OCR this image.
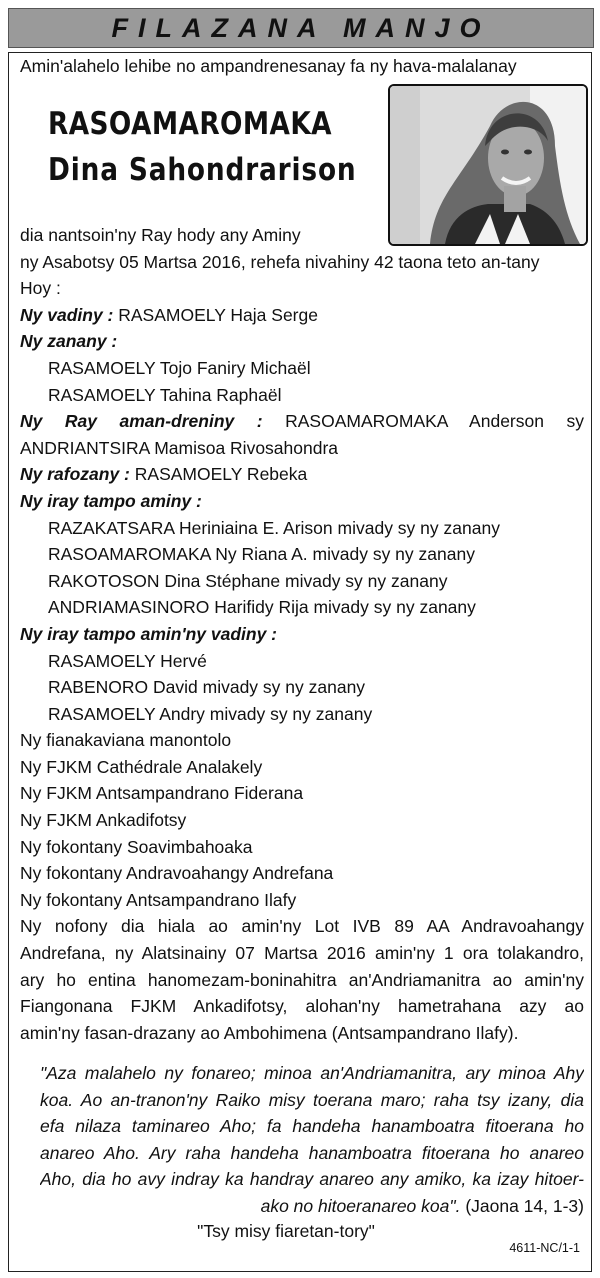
FILAZANA MANJO
Amin'alahelo lehibe no ampandrenesanay fa ny hava-malalanay
RASOAMAROMAKA
Dina Sahondrarison
dia nantsoin'ny Ray hody any Aminy
ny Asabotsy 05 Martsa 2016, rehefa nivahiny 42 taona teto an-tany
Hoy :
Ny vadiny : RASAMOELY Haja Serge
Ny zanany :
RASAMOELY Tojo Faniry Michaël
RASAMOELY Tahina Raphaël
Ny Ray aman-dreniny : RASOAMAROMAKA Anderson sy
ANDRIANTSIRA Mamisoa Rivosahondra
Ny rafozany : RASAMOELY Rebeka
Ny iray tampo aminy :
RAZAKATSARA Heriniaina E. Arison mivady sy ny zanany
RASOAMAROMAKA Ny Riana A. mivady sy ny zanany
RAKOTOSON Dina Stéphane mivady sy ny zanany
ANDRIAMASINORO Harifidy Rija mivady sy ny zanany
Ny iray tampo amin'ny vadiny :
RASAMOELY Hervé
RABENORO David mivady sy ny zanany
RASAMOELY Andry mivady sy ny zanany
Ny fianakaviana manontolo
Ny FJKM Cathédrale Analakely
Ny FJKM Antsampandrano Fiderana
Ny FJKM Ankadifotsy
Ny fokontany Soavimbahoaka
Ny fokontany Andravoahangy Andrefana
Ny fokontany Antsampandrano Ilafy
Ny nofony dia hiala ao amin'ny Lot IVB 89 AA Andravoahangy
Andrefana, ny Alatsinainy 07 Martsa 2016 amin'ny 1 ora tolakandro,
ary ho entina hanomezam-boninahitra an'Andriamanitra ao amin'ny
Fiangonana FJKM Ankadifotsy, alohan'ny hametrahana azy ao
amin'ny fasan-drazany ao Ambohimena (Antsampandrano Ilafy).
"Aza malahelo ny fonareo; minoa an'Andriamanitra, ary minoa Ahy
koa. Ao an-tranon'ny Raiko misy toerana maro; raha tsy izany, dia
efa nilaza taminareo Aho; fa handeha hanamboatra fitoerana ho
anareo Aho. Ary raha handeha hanamboatra fitoerana ho anareo
Aho, dia ho avy indray ka handray anareo any amiko, ka izay hitoer-
ako no hitoeranareo koa". (Jaona 14, 1-3)
"Tsy misy fiaretan-tory"
4611-NC/1-1
